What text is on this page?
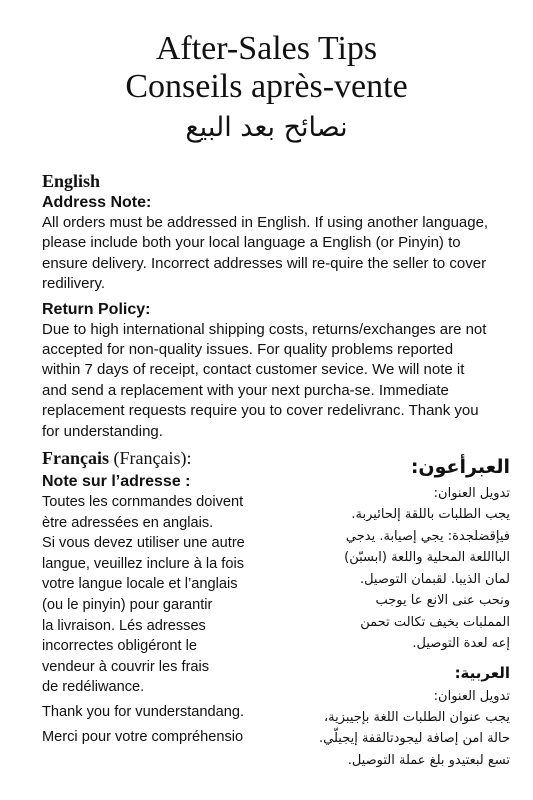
After-Sales Tips
Conseils après-vente
نصائح بعد البيع
English
Address Note:
All orders must be addressed in English. If using another language, please include both your local language a English (or Pinyin) to ensure delivery. Incorrect addresses will re-quire the seller to cover redilivery.
Return Policy:
Due to high international shipping costs, returns/exchanges are not accepted for non-quality issues. For quality problems reported within 7 days of receipt, contact customer sevice. We will note it and send a replacement with your next purcha-se. Immediate replacement requests require you to cover redelivranc. Thank you for understanding.
Français (Français):
Note sur l’adresse :
Toutes les cornmandes doivent
ètre adressées en anglais.
Si vous devez utiliser une autre
langue, veuillez inclure à la fois
votre langue locale et l’anglais
(ou le pinyin) pour garantir
la livraison. Lés adresses
incorrectes obligéront le
vendeur à couvrir les frais
de redéliwance.
Thank you for vunderstandang.
Merci pour votre compréhensio
العبرأعون:
تدويل العنوان:
يجب الطلبات باللقة إلحائيربة.
فيإقضلجدة: يجي إصيابة. يدجي
البااللعة المحلية واللعة (ابسبّن)
لمان الذيبا. لقبمان التوصيل.
ونحب عنى الانع عا يوجب
المملبات بخيف تكالت تحمن
إعه لعدة التوصيل.
العربية:
تدويل العنوان:
يجب عنوان الطلبات اللغة بإجيبزية،
حالة امن إصافة ليجودتالقفة إيجيلّي.
تسع لبعتيدو بلغ عملة التوصيل.
